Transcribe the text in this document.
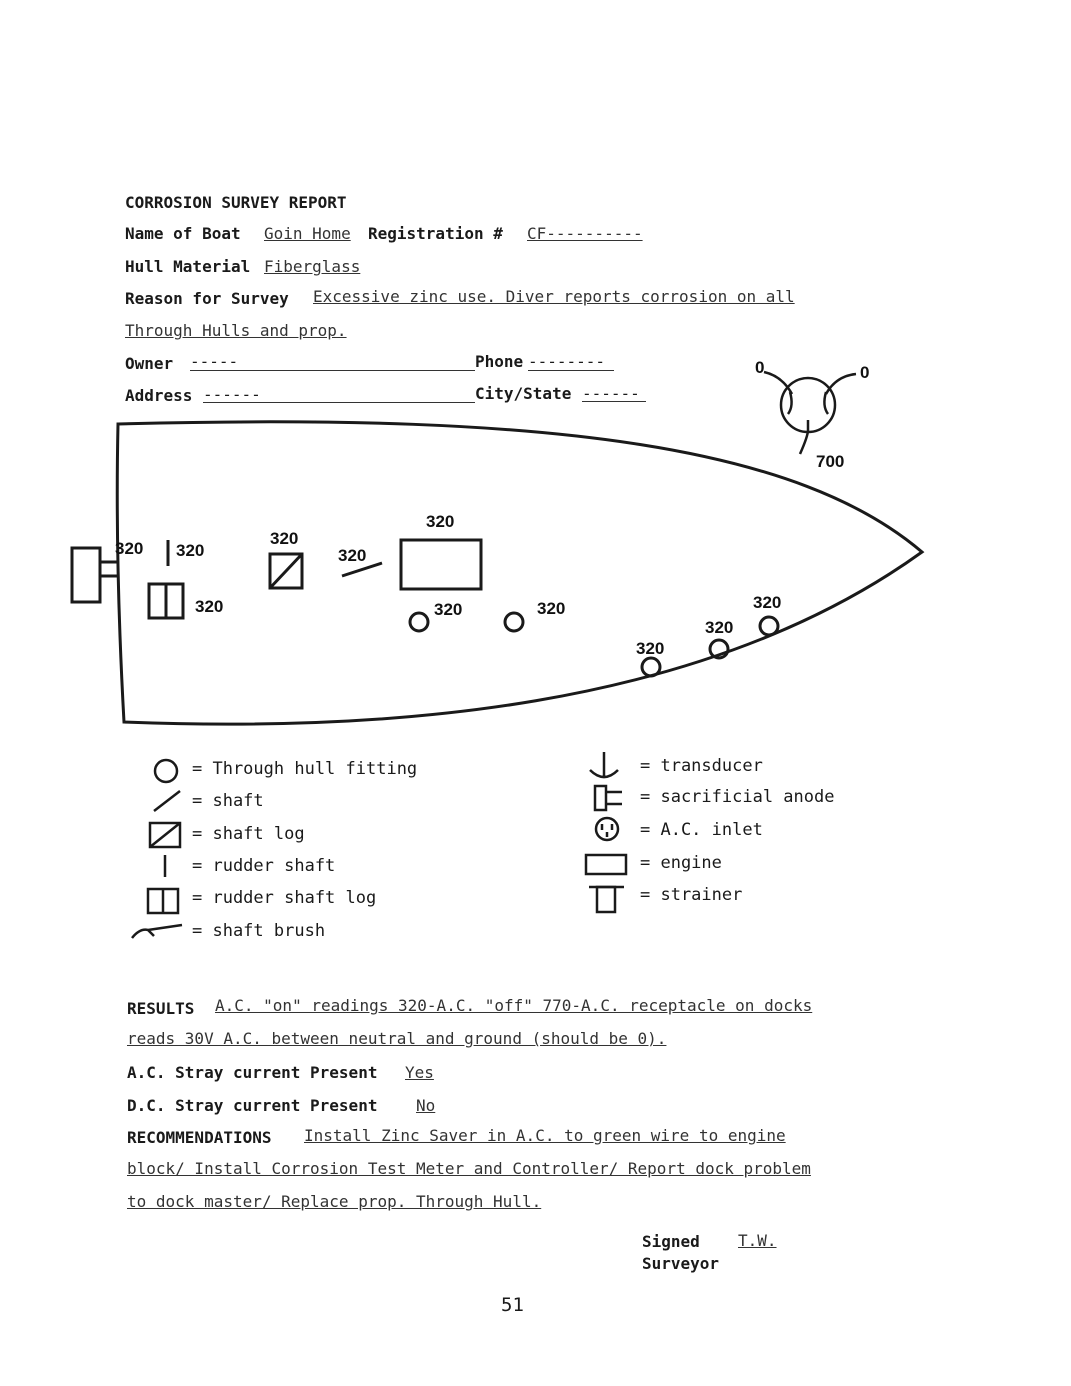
CORROSION SURVEY REPORT
Name of Boat Goin Home	Registration # CF----------
Hull Material Fiberglass
Reason for Survey Excessive zinc use. Diver reports corrosion on all
Through Hulls and prop.
Owner -----	Phone --------
Address ------	City/State ------
0	0
700
320 320
320
320
320
320
320	320
320
320
320
= Through hull fitting
= shaft
= shaft log
= rudder shaft
= rudder shaft log
= shaft brush
= transducer
= sacrificial anode
= A.C. inlet
= engine
= strainer
RESULTS A.C. "on" readings 320-A.C. "off" 770-A.C. receptacle on docks
reads 30V A.C. between neutral and ground (should be 0).
A.C. Stray current Present Yes
D.C. Stray current Present No
RECOMMENDATIONS Install Zinc Saver in A.C. to green wire to engine
block/ Install Corrosion Test Meter and Controller/ Report dock problem
to dock master/ Replace prop. Through Hull.
Signed	T.W.
Surveyor
51
